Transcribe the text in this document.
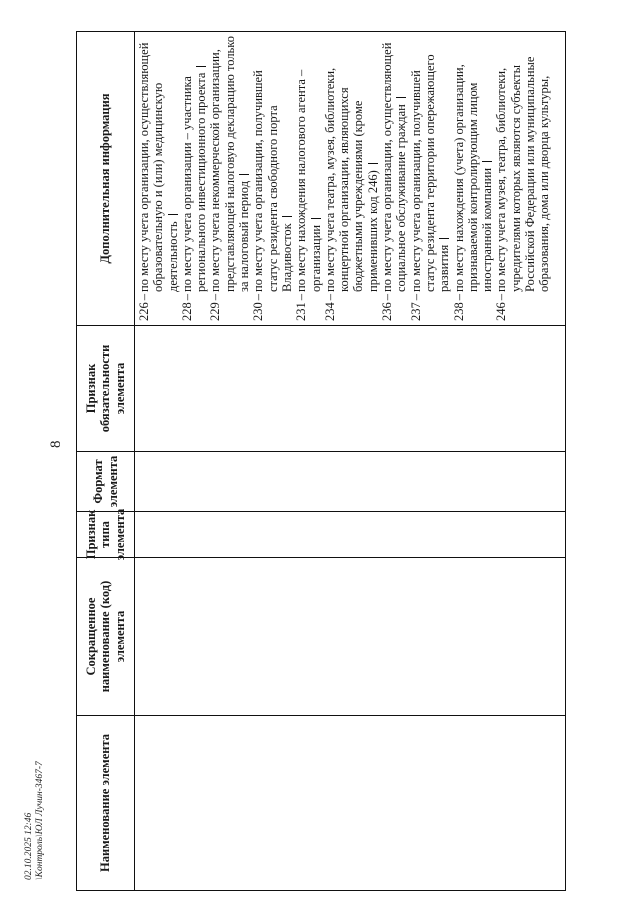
8
Наименование элемента
Сокращенное наименование (код) элемента
Признак типа элемента
Формат элемента
Признак обязательности элемента
Дополнительная информация
226
–
по месту учета организации, осуществляющей образовательную и (или) медицинскую деятельность
228
–
по месту учета организации – участника регионального инвестиционного проекта
229
–
по месту учета некоммерческой организации, представляющей налоговую декларацию только за налоговый период
230
–
по месту учета организации, получившей статус резидента свободного порта Владивосток
231
–
по месту нахождения налогового агента – организации
234
–
по месту учета театра, музея, библиотеки, концертной организации, являющихся бюджетными учреждениями (кроме применивших код 246)
236
–
по месту учета организации, осуществляющей социальное обслуживание граждан
237
–
по месту учета организации, получившей статус резидента территории опережающего развития
238
–
по месту нахождения (учета) организации, признаваемой контролирующим лицом иностранной компании
246
–
по месту учета музея, театра, библиотеки, учредителями которых являются субъекты Российской Федерации или муниципальные образования, дома или дворца культуры,
02.10.2025 12:46 \Kонтроль\ЮЛ Лучин-3467-7
